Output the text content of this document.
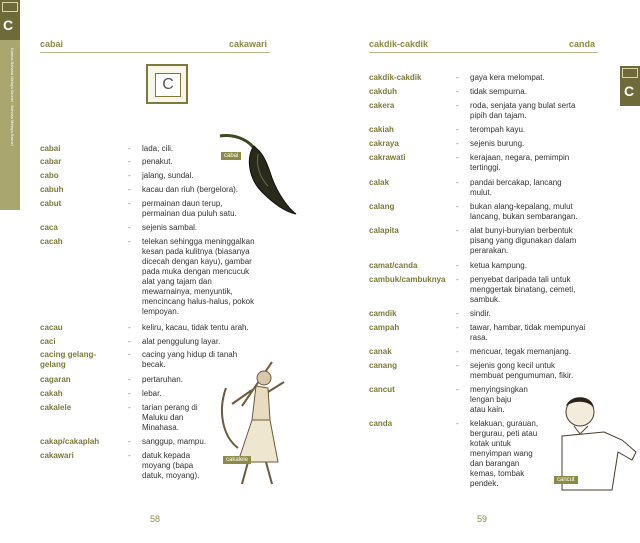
C
Kamus Bahasa Melayu Brunei · Bahasa Melayu Brunei	C
cabai	cakawari
C
cabai	- lada, cili.
cabar	- penakut.
cabo	- jalang, sundal.
cabuh	- kacau dan riuh (bergelora).
cabut	- permainan daun terup,
permainan dua puluh satu.
caca	- sejenis sambal.
cacah	- telekan sehingga meninggalkan
kesan pada kulitnya (biasanya
dicecah dengan kayu), gambar
pada muka dengan mencucuk
alat yang tajam dan
mewarnainya, menyuntik,
mencincang halus-halus, pokok
lempoyan.
cacau	- keliru, kacau, tidak tentu arah.
caci	- alat penggulung layar.
cacing gelang-
gelang
- cacing yang hidup di tanah
becak.
cagaran	- pertaruhan.
cakah	- lebar.
cakalele	- tarian perang di
Maluku dan
Minahasa.
cakap/cakaplah	- sanggup, mampu.
cakawari	- datuk kepada
moyang (bapa
datuk, moyang).
cabai
cakalele
58
cakdik-cakdik	canda
cakdik-cakdik	- gaya kera melompat.
cakduh	- tidak sempurna.
cakera	- roda, senjata yang bulat serta
pipih dan tajam.
cakiah	- terompah kayu.
cakraya	- sejenis burung.
cakrawati	- kerajaan, negara, pemimpin
tertinggi.
calak	- pandai bercakap, lancang
mulut.
calang	- bukan alang-kepalang, mulut
lancang, bukan sembarangan.
calapita	- alat bunyi-bunyian berbentuk
pisang yang digunakan dalam
perarakan.
camat/canda	- ketua kampung.
cambuk/cambuknya - penyebat daripada tali untuk
menggertak binatang, cemeti,
sambuk.
camdik	- sindir.
campah	- tawar, hambar, tidak mempunyai
rasa.
canak	- mencuar, tegak memanjang.
canang	- sejenis gong kecil untuk
membuat pengumuman, fikir.
cancut	- menyingsingkan
lengan baju
atau kain.
canda	- kelakuan, gurauan,
bergurau, peti atau
kotak untuk
menyimpan wang
dan barangan
kemas, tombak
pendek.	cancut
59
